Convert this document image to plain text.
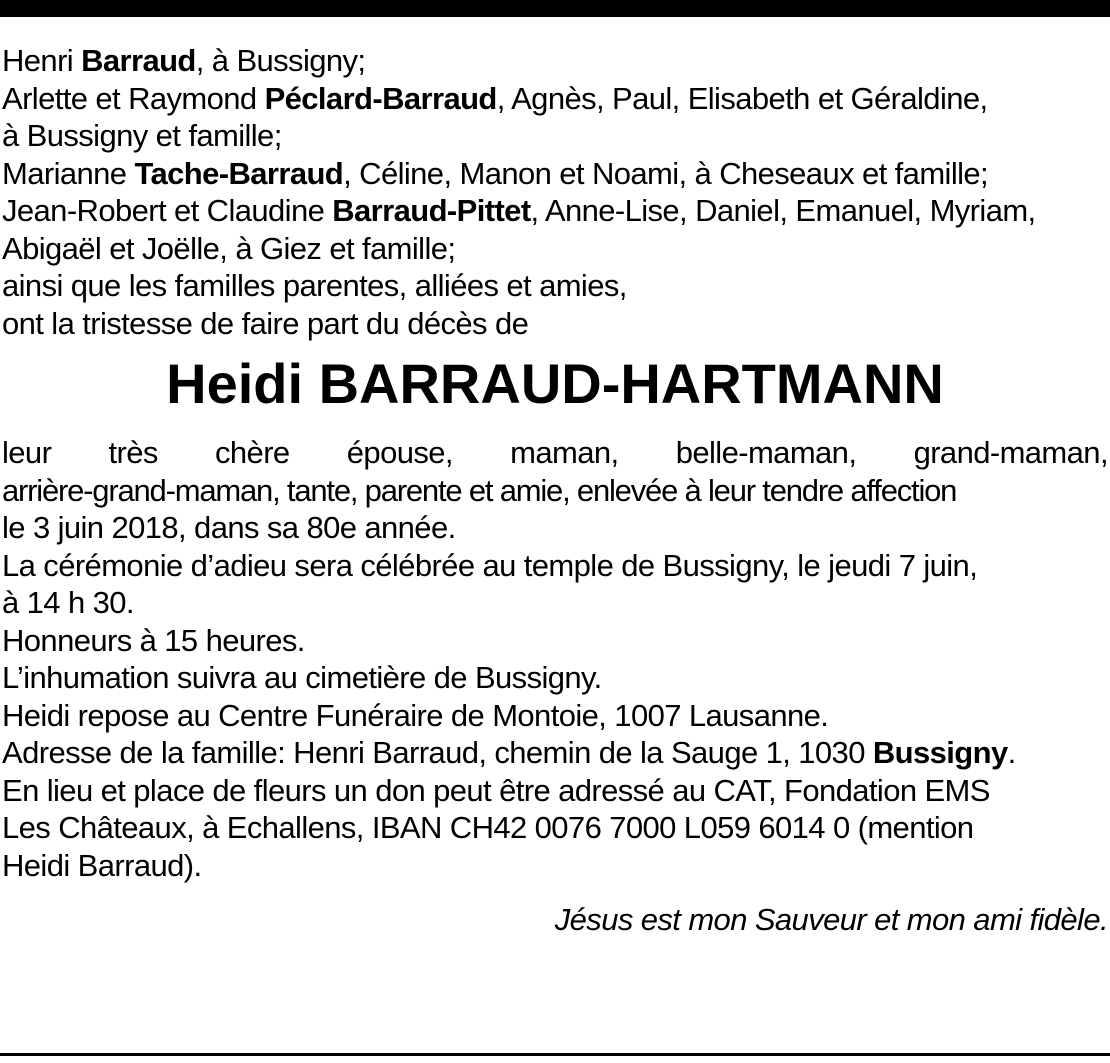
Henri Barraud, à Bussigny;
Arlette et Raymond Péclard-Barraud, Agnès, Paul, Elisabeth et Géraldine,
à Bussigny et famille;
Marianne Tache-Barraud, Céline, Manon et Noami, à Cheseaux et famille;
Jean-Robert et Claudine Barraud-Pittet, Anne-Lise, Daniel, Emanuel, Myriam,
Abigaël et Joëlle, à Giez et famille;
ainsi que les familles parentes, alliées et amies,
ont la tristesse de faire part du décès de
Heidi BARRAUD-HARTMANN
leur très chère épouse, maman, belle-maman, grand-maman,
arrière-grand-maman, tante, parente et amie, enlevée à leur tendre affection
le 3 juin 2018, dans sa 80e année.
La cérémonie d’adieu sera célébrée au temple de Bussigny, le jeudi 7 juin,
à 14 h 30.
Honneurs à 15 heures.
L’inhumation suivra au cimetière de Bussigny.
Heidi repose au Centre Funéraire de Montoie, 1007 Lausanne.
Adresse de la famille: Henri Barraud, chemin de la Sauge 1, 1030 Bussigny.
En lieu et place de fleurs un don peut être adressé au CAT, Fondation EMS
Les Châteaux, à Echallens, IBAN CH42 0076 7000 L059 6014 0 (mention
Heidi Barraud).
Jésus est mon Sauveur et mon ami fidèle.
